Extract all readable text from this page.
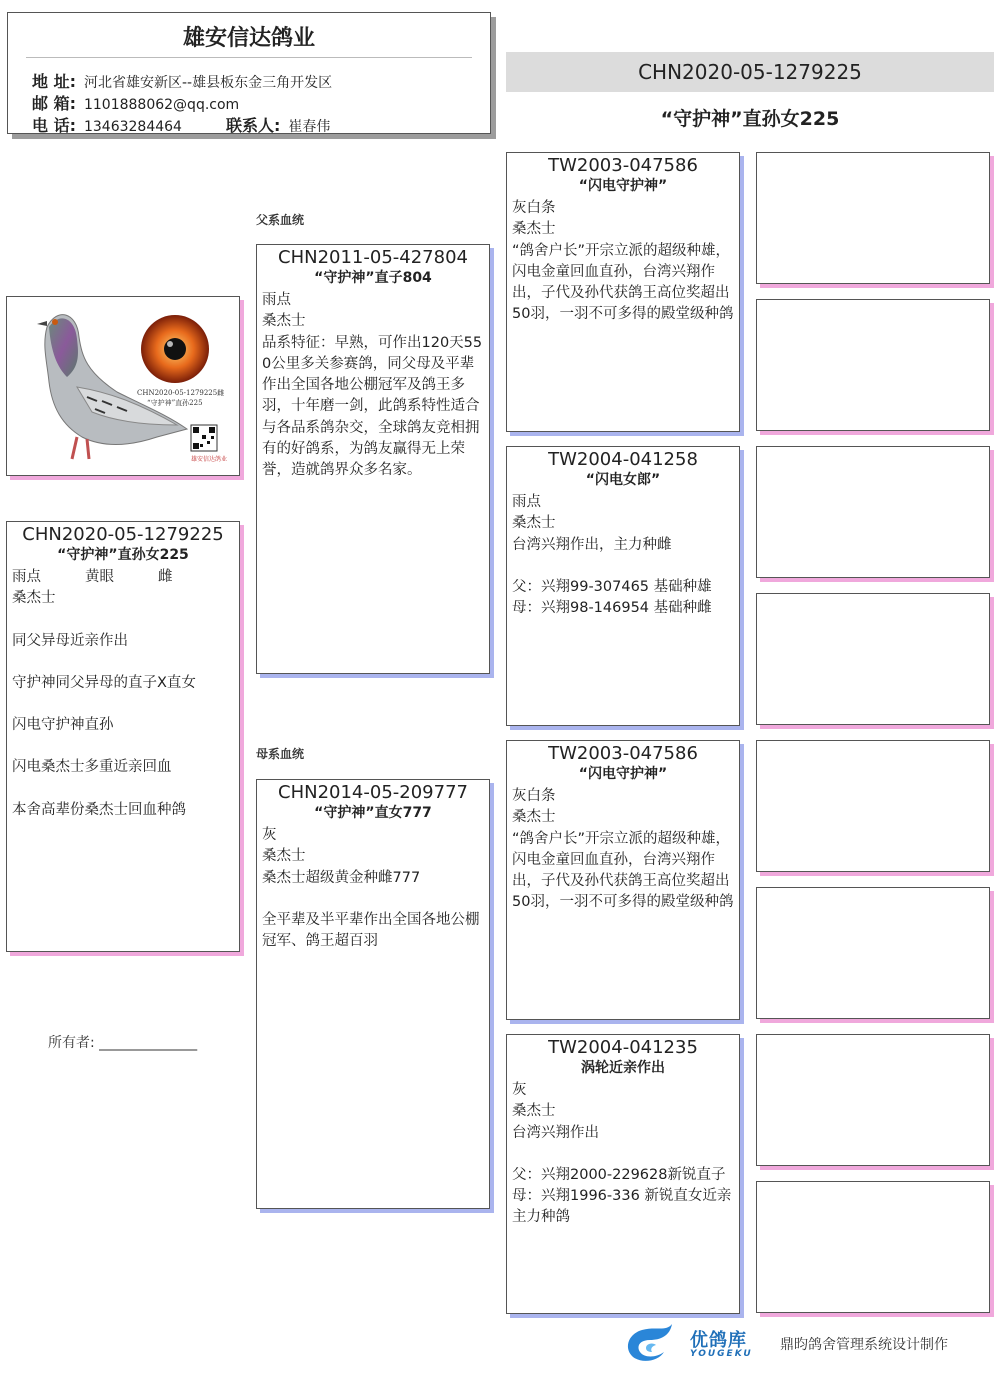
雄安信达鸽业
地 址: 河北省雄安新区--雄县板东金三角开发区
邮 箱: 1101888062@qq.com
电 话: 13463284464	联系人: 崔春伟
CHN2020-05-1279225
“守护神”直孙女225
CHN2020-05-1279225雌
“守护神”直孙225
雄安信达鸽业
CHN2020-05-1279225
“守护神”直孙女225
雨点	黄眼	雌
桑杰士
同父异母近亲作出
守护神同父异母的直子X直女
闪电守护神直孙
闪电桑杰士多重近亲回血
本舍高辈份桑杰士回血种鸽
所有者: ______________
父系血统
母系血统
CHN2011-05-427804
“守护神”直子804
雨点
桑杰士
品系特征：早熟，可作出120天550公里多关参赛鸽，同父母及平辈作出全国各地公棚冠军及鸽王多羽，十年磨一剑，此鸽系特性适合与各品系鸽杂交，全球鸽友竞相拥有的好鸽系，为鸽友赢得无上荣誉，造就鸽界众多名家。
CHN2014-05-209777
“守护神”直女777
灰
桑杰士
桑杰士超级黄金种雌777
全平辈及半平辈作出全国各地公棚冠军、鸽王超百羽
TW2003-047586
“闪电守护神”
灰白条
桑杰士
“鸽舍户长”开宗立派的超级种雄，闪电金童回血直孙，台湾兴翔作出，子代及孙代获鸽王高位奖超出50羽，一羽不可多得的殿堂级种鸽
TW2004-041258
“闪电女郎”
雨点
桑杰士
台湾兴翔作出，主力种雌
父：兴翔99-307465 基础种雄
母：兴翔98-146954 基础种雌
TW2003-047586
“闪电守护神”
灰白条
桑杰士
“鸽舍户长”开宗立派的超级种雄，闪电金童回血直孙，台湾兴翔作出，子代及孙代获鸽王高位奖超出50羽，一羽不可多得的殿堂级种鸽
TW2004-041235
涡轮近亲作出
灰
桑杰士
台湾兴翔作出
父：兴翔2000-229628新锐直子
母：兴翔1996-336 新锐直女近亲主力种鸽
优鸽库
YOUGEKU
鼎昀鸽舍管理系统设计制作
